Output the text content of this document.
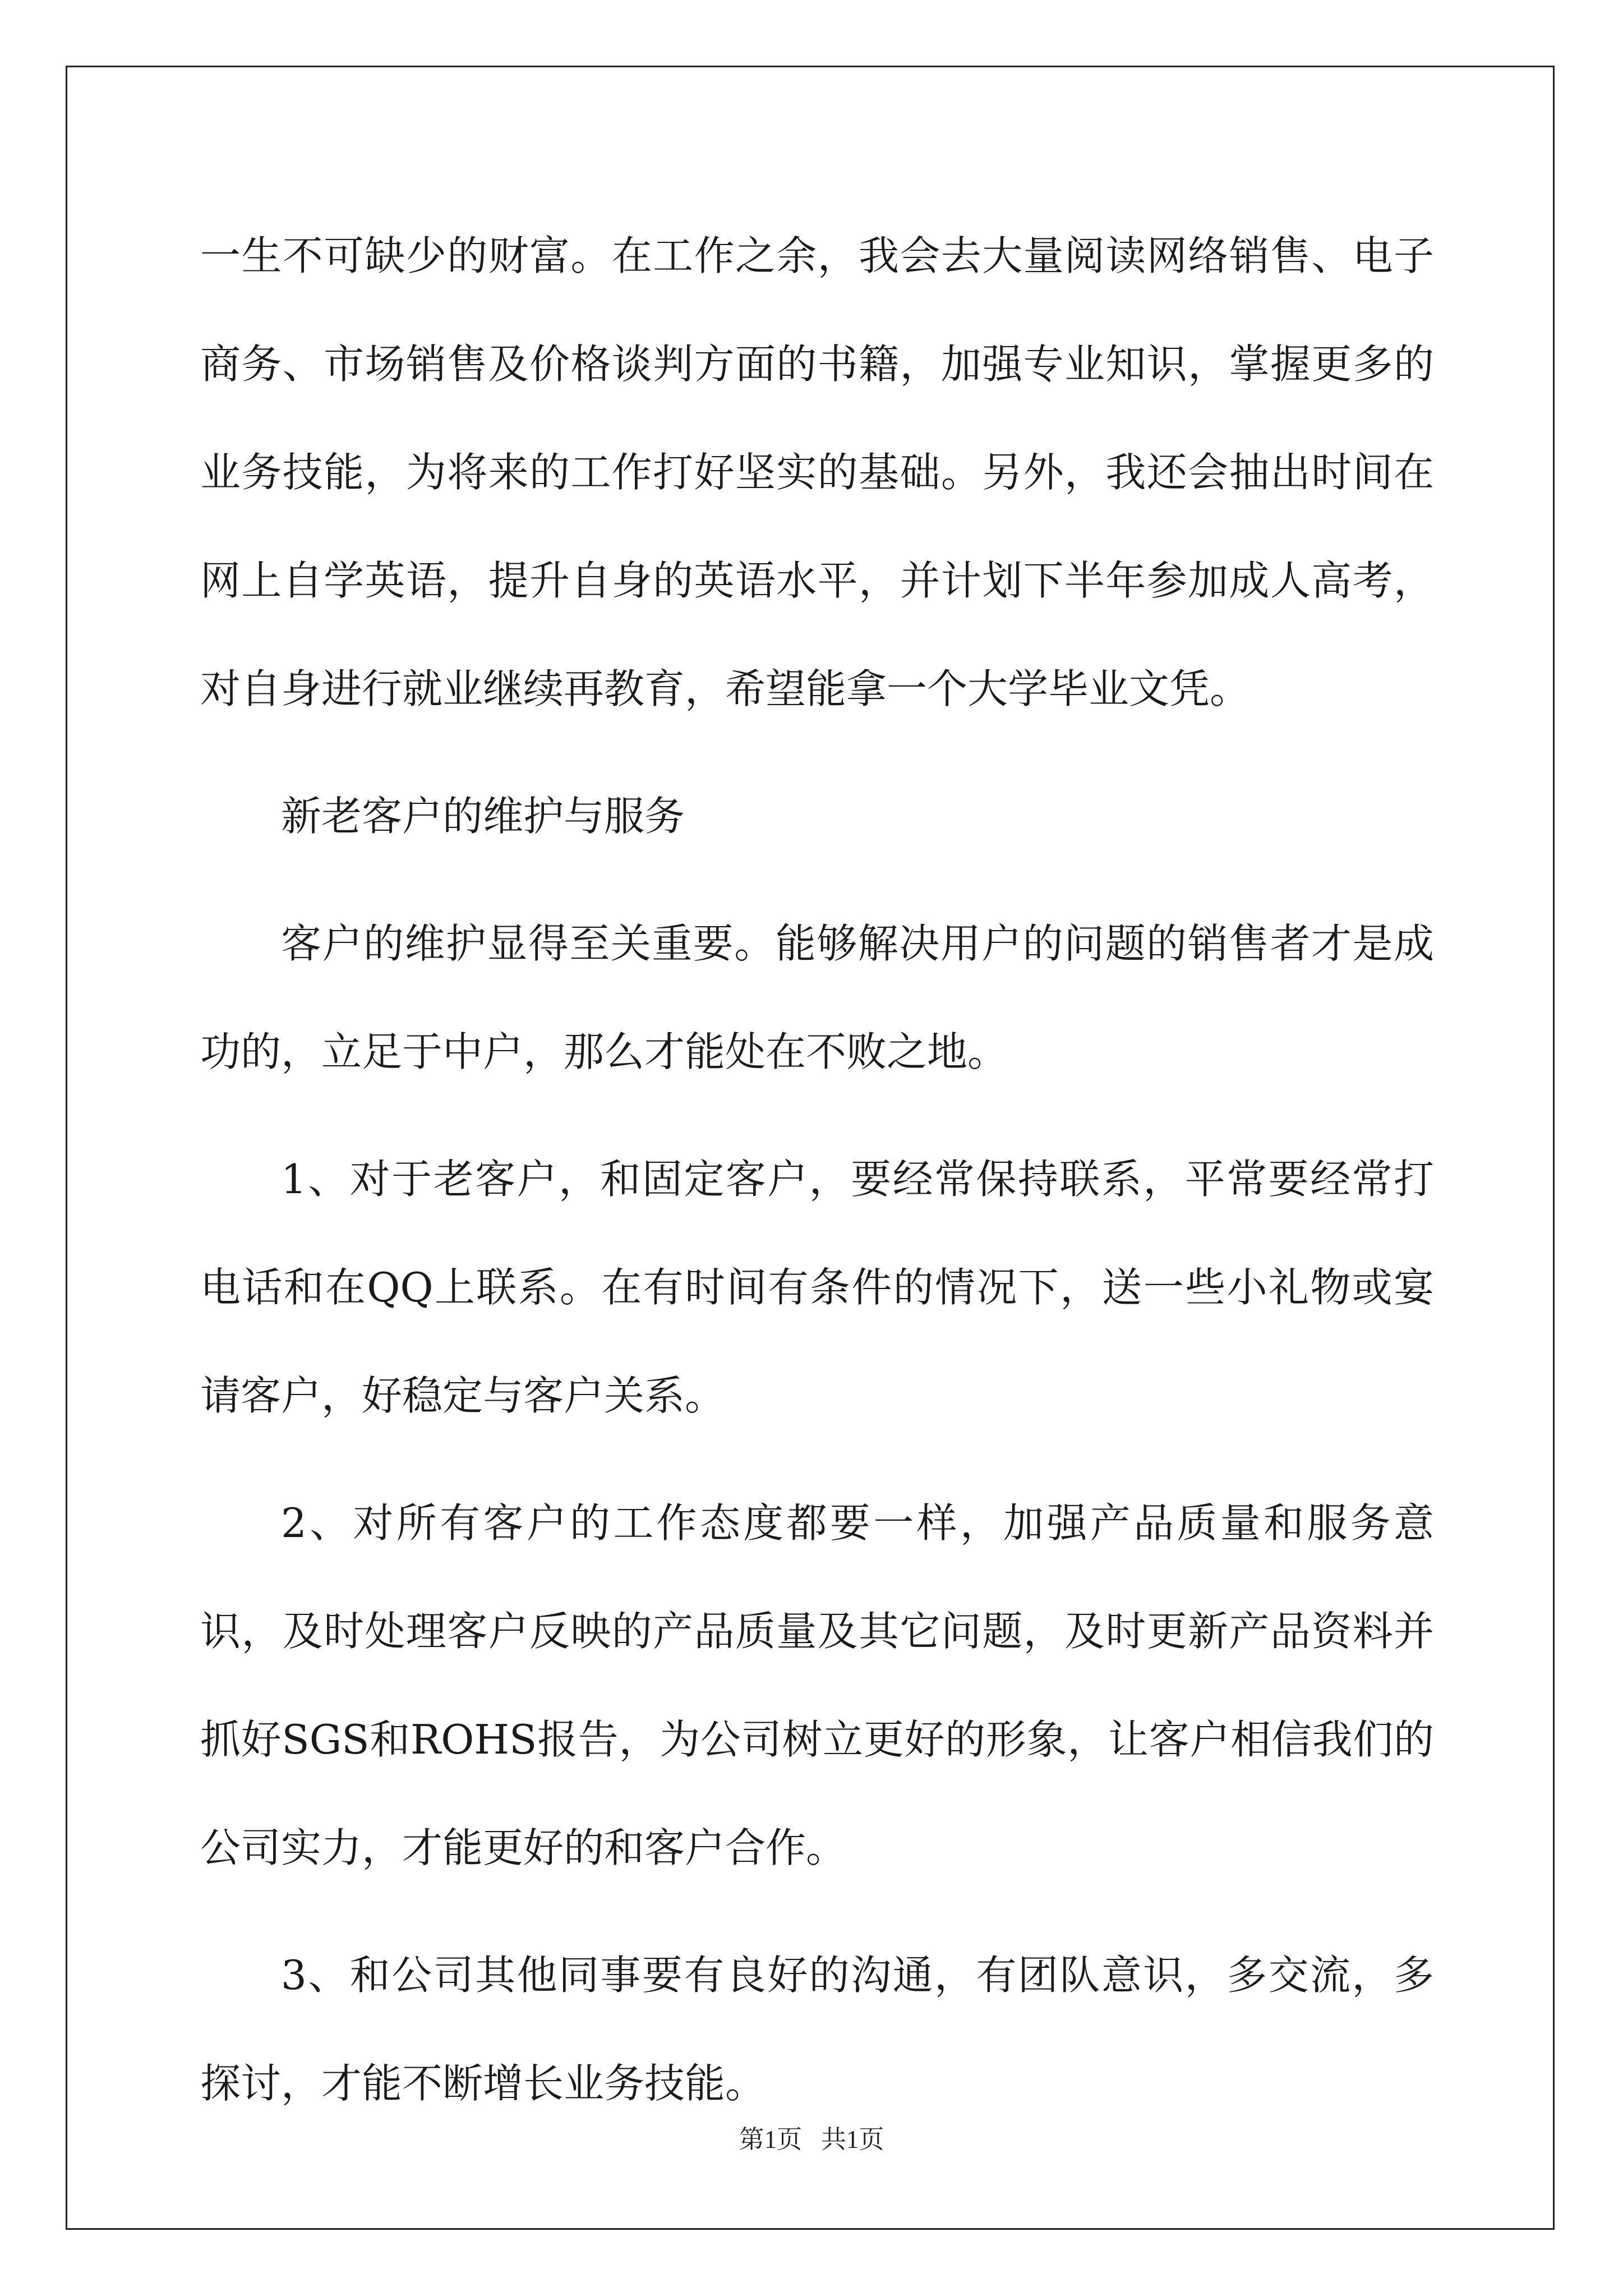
一生不可缺少的财富。在工作之余，我会去大量阅读网络销售、电子商务、市场销售及价格谈判方面的书籍，加强专业知识，掌握更多的业务技能，为将来的工作打好坚实的基础。另外，我还会抽出时间在网上自学英语，提升自身的英语水平，并计划下半年参加成人高考，对自身进行就业继续再教育，希望能拿一个大学毕业文凭。

新老客户的维护与服务

客户的维护显得至关重要。能够解决用户的问题的销售者才是成功的，立足于中户，那么才能处在不败之地。

1、对于老客户，和固定客户，要经常保持联系，平常要经常打电话和在QQ上联系。在有时间有条件的情况下，送一些小礼物或宴请客户，好稳定与客户关系。

2、对所有客户的工作态度都要一样，加强产品质量和服务意识，及时处理客户反映的产品质量及其它问题，及时更新产品资料并抓好SGS和ROHS报告，为公司树立更好的形象，让客户相信我们的公司实力，才能更好的和客户合作。

3、和公司其他同事要有良好的沟通，有团队意识，多交流，多探讨，才能不断增长业务技能。

第1页 共1页
